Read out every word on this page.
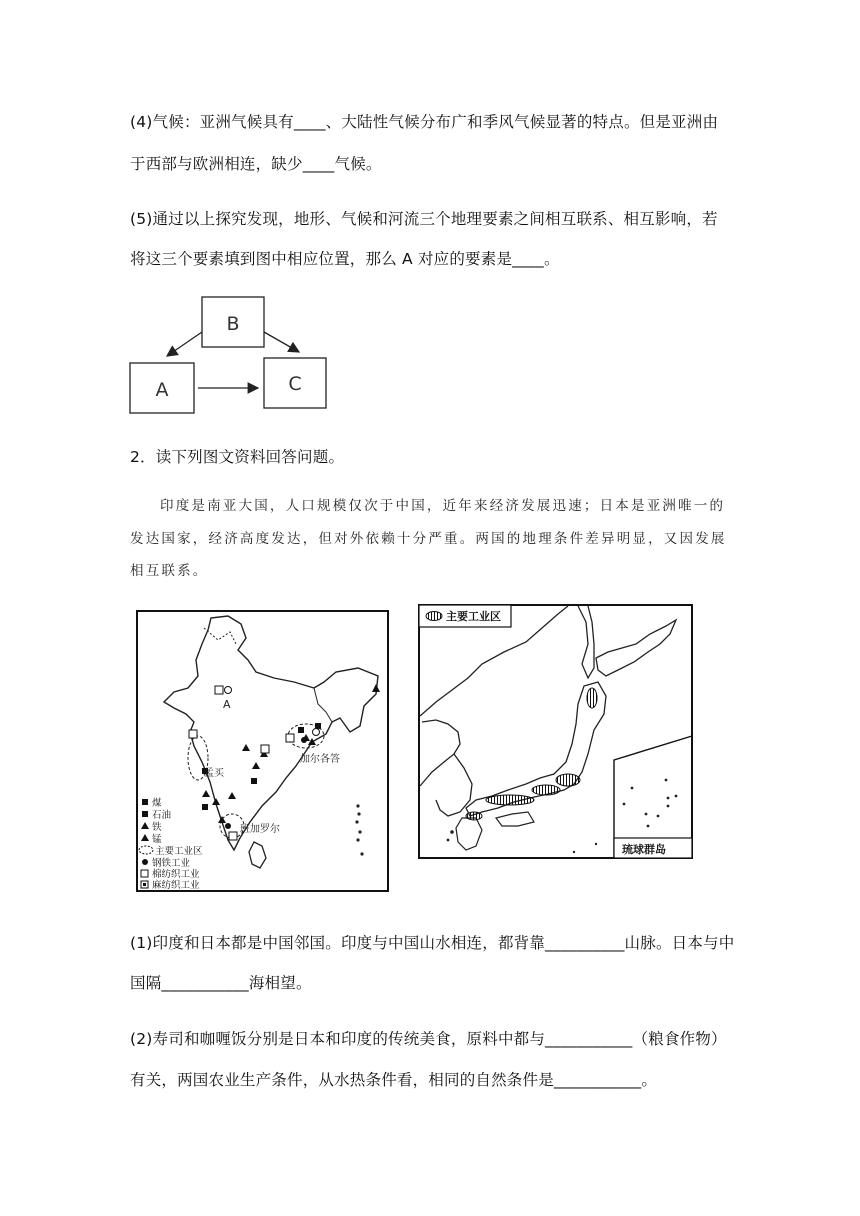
(4)气候：亚洲气候具有____、大陆性气候分布广和季风气候显著的特点。但是亚洲由
于西部与欧洲相连，缺少____气候。
(5)通过以上探究发现，地形、气候和河流三个地理要素之间相互联系、相互影响，若
将这三个要素填到图中相应位置，那么 A 对应的要素是____。
B
A	C
2．读下列图文资料回答问题。
印度是南亚大国，人口规模仅次于中国，近年来经济发展迅速；日本是亚洲唯一的
发达国家，经济高度发达，但对外依赖十分严重。两国的地理条件差异明显，又因发展
相互联系。
A
孟买
加尔各答
班加罗尔
煤
石油
铁
锰
主要工业区
钢铁工业
棉纺织工业
麻纺织工业
主要工业区
琉球群岛
(1)印度和日本都是中国邻国。印度与中国山水相连，都背靠__________山脉。日本与中
国隔___________海相望。
(2)寿司和咖喱饭分别是日本和印度的传统美食，原料中都与___________（粮食作物）
有关，两国农业生产条件，从水热条件看，相同的自然条件是___________。
